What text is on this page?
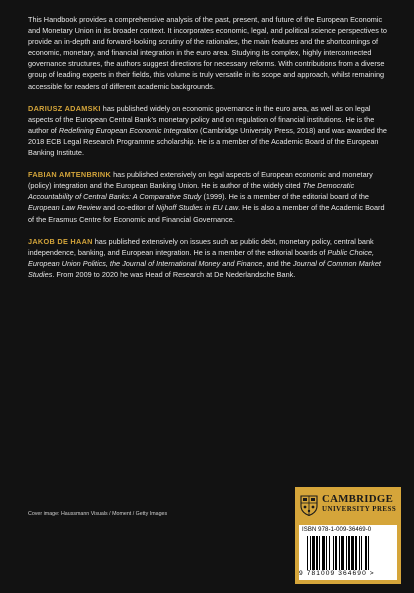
This Handbook provides a comprehensive analysis of the past, present, and future of the European Economic and Monetary Union in its broader context. It incorporates economic, legal, and political science perspectives to provide an in-depth and forward-looking scrutiny of the rationales, the main features and the shortcomings of economic, monetary, and financial integration in the euro area. Studying its complex, highly interconnected governance structures, the authors suggest directions for necessary reforms. With contributions from a diverse group of leading experts in their fields, this volume is truly versatile in its scope and approach, whilst remaining accessible for readers of different academic backgrounds.

DARIUSZ ADAMSKI has published widely on economic governance in the euro area, as well as on legal aspects of the European Central Bank’s monetary policy and on regulation of financial institutions. He is the author of Redefining European Economic Integration (Cambridge University Press, 2018) and was awarded the 2018 ECB Legal Research Programme scholarship. He is a member of the Academic Board of the European Banking Institute.

FABIAN AMTENBRINK has published extensively on legal aspects of European economic and monetary (policy) integration and the European Banking Union. He is author of the widely cited The Democratic Accountability of Central Banks: A Comparative Study (1999). He is a member of the editorial board of the European Law Review and co-editor of Nijhoff Studies in EU Law. He is also a member of the Academic Board of the Erasmus Centre for Economic and Financial Governance.

JAKOB DE HAAN has published extensively on issues such as public debt, monetary policy, central bank independence, banking, and European integration. He is a member of the editorial boards of Public Choice, European Union Politics, the Journal of International Money and Finance, and the Journal of Common Market Studies. From 2009 to 2020 he was Head of Research at De Nederlandsche Bank.

Cover image: Haussmann Visuals / Moment / Getty Images
CAMBRIDGE
UNIVERSITY PRESS
ISBN 978-1-009-36469-0
9 781009 364690 >
